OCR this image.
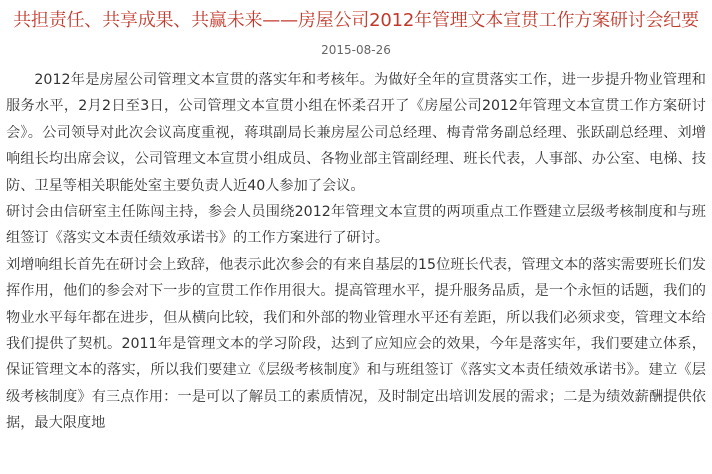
共担责任、共享成果、共赢未来——房屋公司2012年管理文本宣贯工作方案研讨会纪要
2015-08-26

2012年是房屋公司管理文本宣贯的落实年和考核年。为做好全年的宣贯落实工作，进一步提升物业管理和服务水平，2月2日至3日，公司管理文本宣贯小组在怀柔召开了《房屋公司2012年管理文本宣贯工作方案研讨会》。公司领导对此次会议高度重视，蒋琪副局长兼房屋公司总经理、梅青常务副总经理、张跃副总经理、刘增响组长均出席会议，公司管理文本宣贯小组成员、各物业部主管副经理、班长代表，人事部、办公室、电梯、技防、卫星等相关职能处室主要负责人近40人参加了会议。

研讨会由信研室主任陈闯主持，参会人员围绕2012年管理文本宣贯的两项重点工作暨建立层级考核制度和与班组签订《落实文本责任绩效承诺书》的工作方案进行了研讨。

刘增响组长首先在研讨会上致辞，他表示此次参会的有来自基层的15位班长代表，管理文本的落实需要班长们发挥作用，他们的参会对下一步的宣贯工作作用很大。提高管理水平，提升服务品质，是一个永恒的话题，我们的物业水平每年都在进步，但从横向比较，我们和外部的物业管理水平还有差距，所以我们必须求变，管理文本给我们提供了契机。2011年是管理文本的学习阶段，达到了应知应会的效果，今年是落实年，我们要建立体系，保证管理文本的落实，所以我们要建立《层级考核制度》和与班组签订《落实文本责任绩效承诺书》。建立《层级考核制度》有三点作用：一是可以了解员工的素质情况，及时制定出培训发展的需求；二是为绩效薪酬提供依据，最大限度地
